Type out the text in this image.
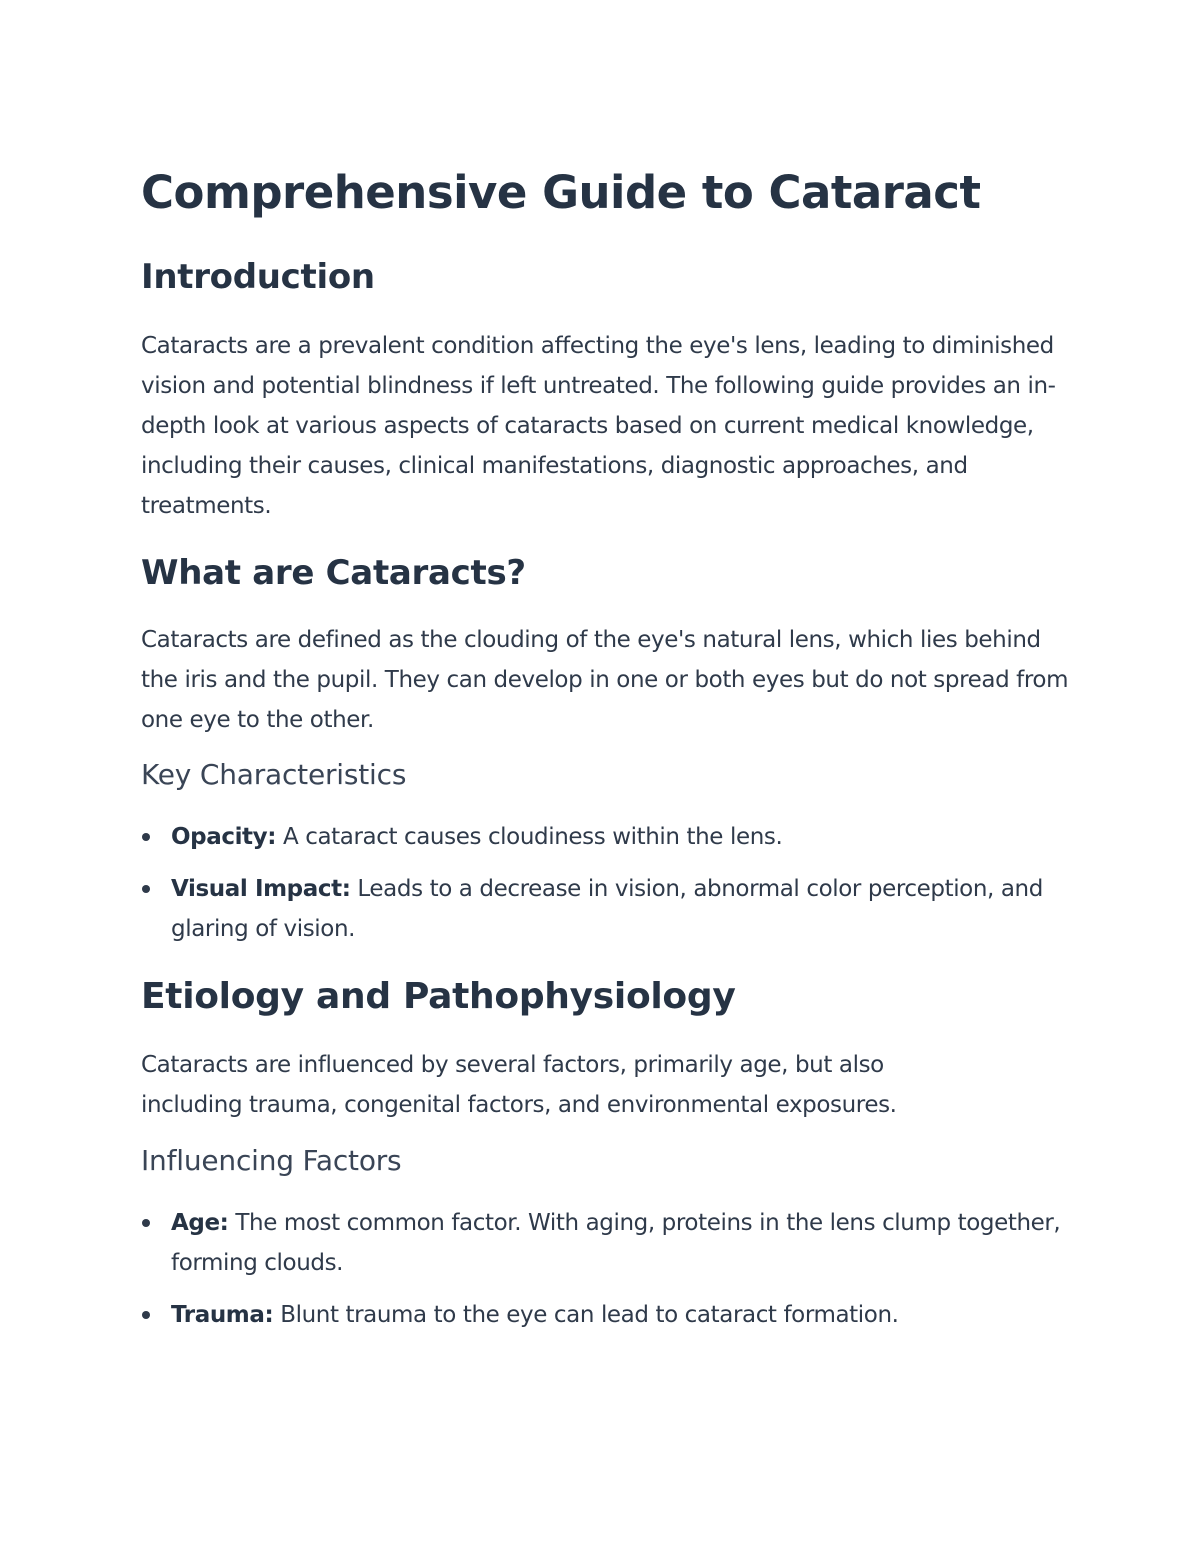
Comprehensive Guide to Cataract
Introduction

Cataracts are a prevalent condition affecting the eye's lens, leading to diminished vision and potential blindness if left untreated. The following guide provides an in-depth look at various aspects of cataracts based on current medical knowledge, including their causes, clinical manifestations, diagnostic approaches, and treatments.

What are Cataracts?

Cataracts are defined as the clouding of the eye's natural lens, which lies behind the iris and the pupil. They can develop in one or both eyes but do not spread from one eye to the other.

Key Characteristics
Opacity: A cataract causes cloudiness within the lens.
Visual Impact: Leads to a decrease in vision, abnormal color perception, and glaring of vision.
Etiology and Pathophysiology

Cataracts are influenced by several factors, primarily age, but also including trauma, congenital factors, and environmental exposures.

Influencing Factors
Age: The most common factor. With aging, proteins in the lens clump together, forming clouds.
Trauma: Blunt trauma to the eye can lead to cataract formation.
